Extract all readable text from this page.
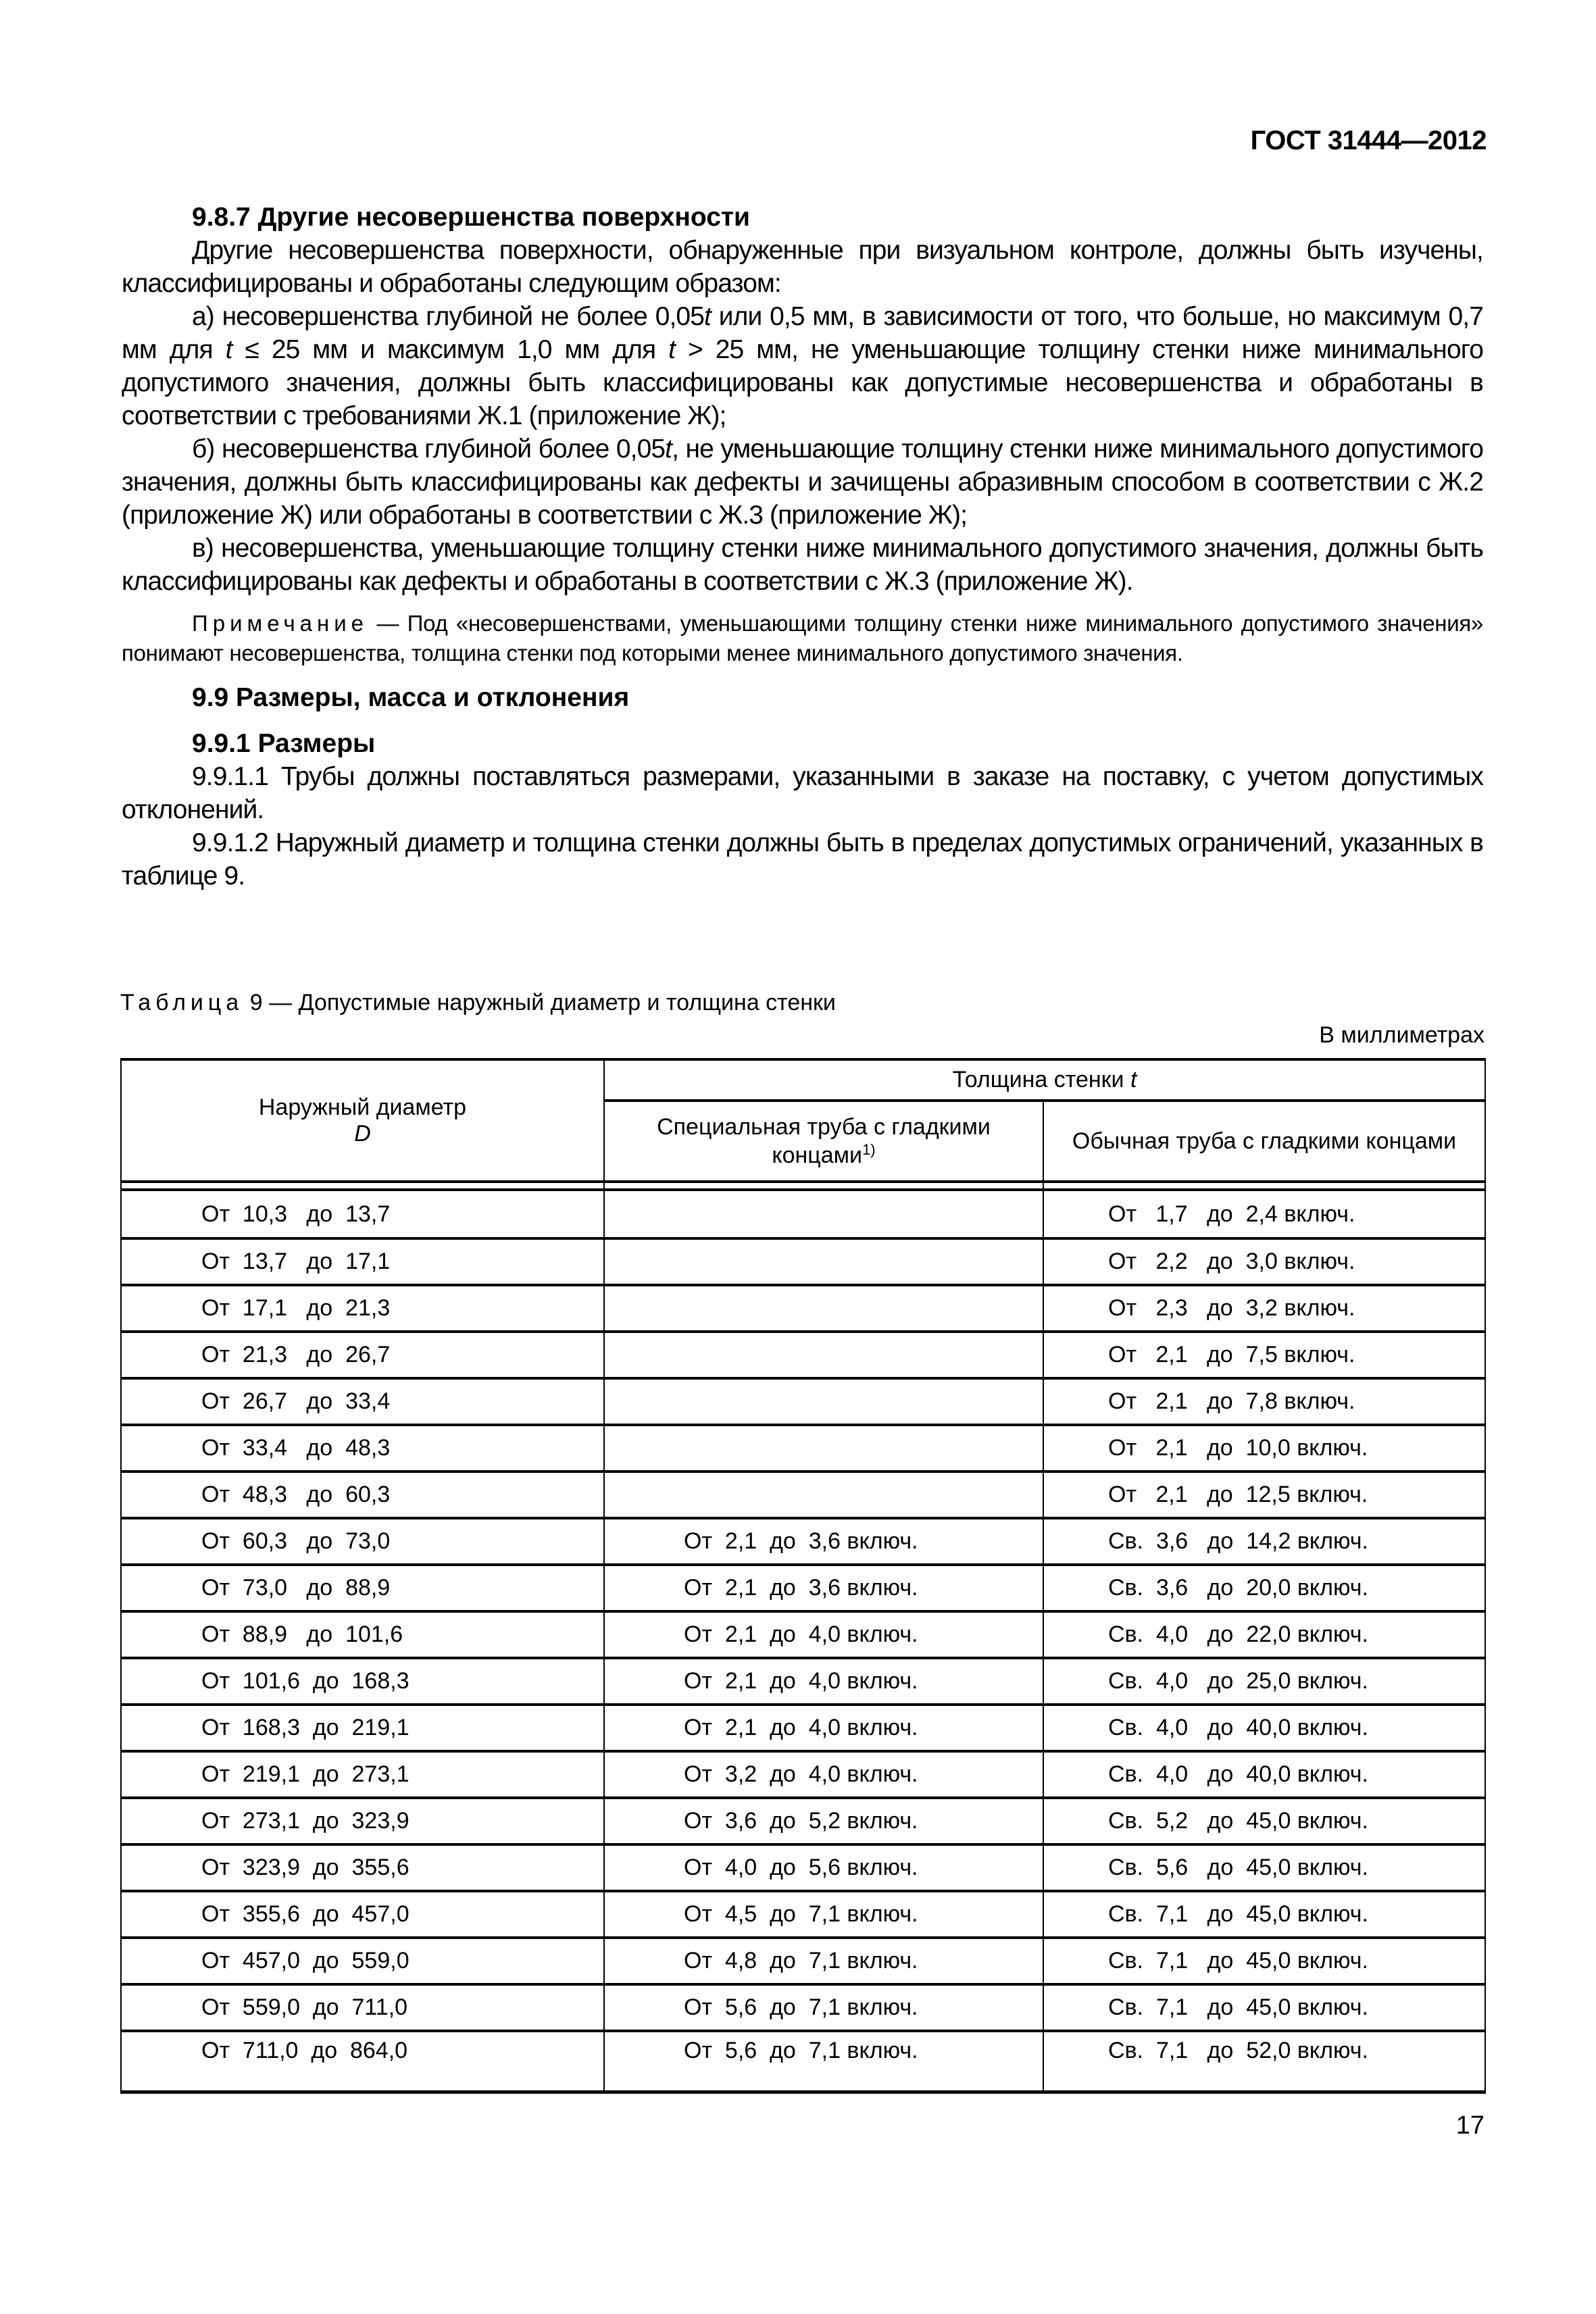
ГОСТ 31444—2012

9.8.7 Другие несовершенства поверхности

Другие несовершенства поверхности, обнаруженные при визуальном контроле, должны быть изучены, классифицированы и обработаны следующим образом:

а) несовершенства глубиной не более 0,05t или 0,5 мм, в зависимости от того, что больше, но максимум 0,7 мм для t ≤ 25 мм и максимум 1,0 мм для t > 25 мм, не уменьшающие толщину стенки ниже минимального допустимого значения, должны быть классифицированы как допустимые несовершенства и обработаны в соответствии с требованиями Ж.1 (приложение Ж);

б) несовершенства глубиной более 0,05t, не уменьшающие толщину стенки ниже минимального допустимого значения, должны быть классифицированы как дефекты и зачищены абразивным способом в соответствии с Ж.2 (приложение Ж) или обработаны в соответствии с Ж.3 (приложение Ж);

в) несовершенства, уменьшающие толщину стенки ниже минимального допустимого значения, должны быть классифицированы как дефекты и обработаны в соответствии с Ж.3 (приложение Ж).

Примечание — Под «несовершенствами, уменьшающими толщину стенки ниже минимального допустимого значения» понимают несовершенства, толщина стенки под которыми менее минимального допустимого значения.

9.9 Размеры, масса и отклонения

9.9.1 Размеры

9.9.1.1 Трубы должны поставляться размерами, указанными в заказе на поставку, с учетом допустимых отклонений.

9.9.1.2 Наружный диаметр и толщина стенки должны быть в пределах допустимых ограничений, указанных в таблице 9.

Таблица 9 — Допустимые наружный диаметр и толщина стенки
В миллиметрах
Наружный диаметр
D	Толщина стенки t	
	Специальная труба с гладкими концами$^{1)}$	Обычная труба с гладкими концами

От  10,3   до  13,7		От   1,7   до  2,4 включ.
От  13,7   до  17,1		От   2,2   до  3,0 включ.
От  17,1   до  21,3		От   2,3   до  3,2 включ.
От  21,3   до  26,7		От   2,1   до  7,5 включ.
От  26,7   до  33,4		От   2,1   до  7,8 включ.
От  33,4   до  48,3		От   2,1   до  10,0 включ.
От  48,3   до  60,3		От   2,1   до  12,5 включ.
От  60,3   до  73,0	От  2,1  до  3,6 включ.	Св.  3,6   до  14,2 включ.
От  73,0   до  88,9	От  2,1  до  3,6 включ.	Св.  3,6   до  20,0 включ.
От  88,9   до  101,6	От  2,1  до  4,0 включ.	Св.  4,0   до  22,0 включ.
От  101,6  до  168,3	От  2,1  до  4,0 включ.	Св.  4,0   до  25,0 включ.
От  168,3  до  219,1	От  2,1  до  4,0 включ.	Св.  4,0   до  40,0 включ.
От  219,1  до  273,1	От  3,2  до  4,0 включ.	Св.  4,0   до  40,0 включ.
От  273,1  до  323,9	От  3,6  до  5,2 включ.	Св.  5,2   до  45,0 включ.
От  323,9  до  355,6	От  4,0  до  5,6 включ.	Св.  5,6   до  45,0 включ.
От  355,6  до  457,0	От  4,5  до  7,1 включ.	Св.  7,1   до  45,0 включ.
От  457,0  до  559,0	От  4,8  до  7,1 включ.	Св.  7,1   до  45,0 включ.
От  559,0  до  711,0	От  5,6  до  7,1 включ.	Св.  7,1   до  45,0 включ.
От  711,0  до  864,0	От  5,6  до  7,1 включ.	Св.  7,1   до  52,0 включ.
17
